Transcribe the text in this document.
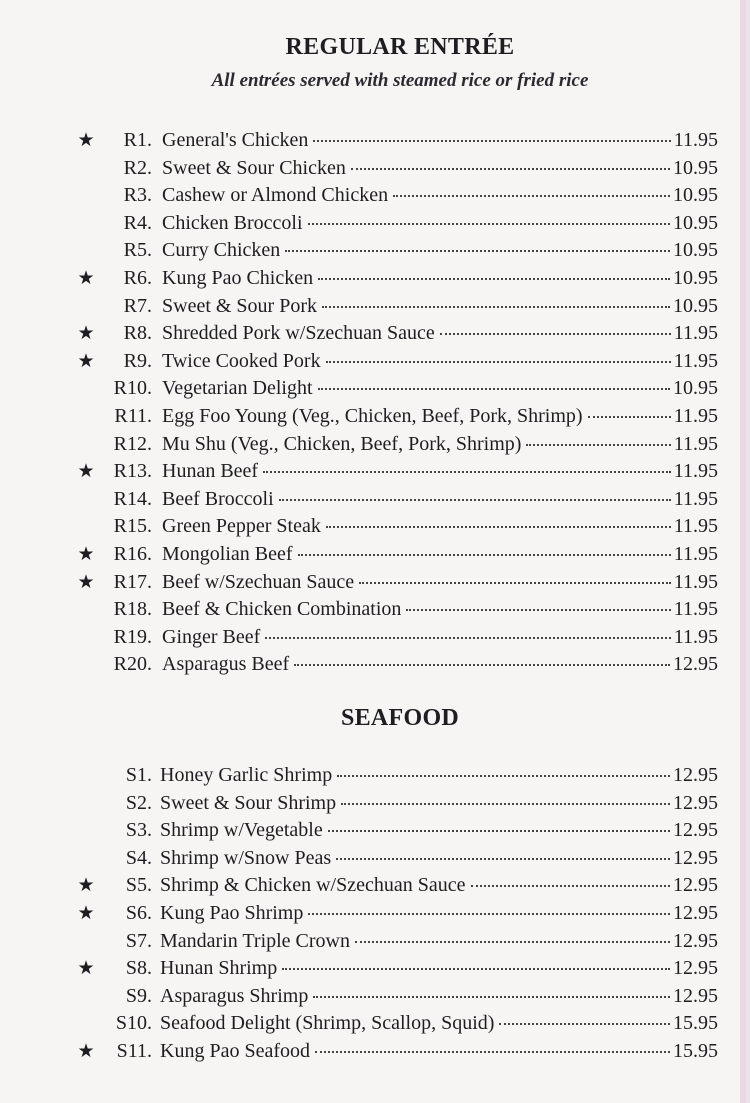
REGULAR ENTRÉE
All entrées served with steamed rice or fried rice
★	R1. General's Chicken	11.95
R2. Sweet & Sour Chicken	10.95
R3. Cashew or Almond Chicken	10.95
R4. Chicken Broccoli	10.95
R5. Curry Chicken	10.95
★	R6. Kung Pao Chicken	10.95
R7. Sweet & Sour Pork	10.95
★	R8. Shredded Pork w/Szechuan Sauce	11.95
★	R9. Twice Cooked Pork	11.95
R10. Vegetarian Delight	10.95
R11. Egg Foo Young (Veg., Chicken, Beef, Pork, Shrimp)	11.95
R12. Mu Shu (Veg., Chicken, Beef, Pork, Shrimp)	11.95
★ R13. Hunan Beef	11.95
R14. Beef Broccoli	11.95
R15. Green Pepper Steak	11.95
★ R16. Mongolian Beef	11.95
★ R17. Beef w/Szechuan Sauce	11.95
R18. Beef & Chicken Combination	11.95
R19. Ginger Beef	11.95
R20. Asparagus Beef	12.95
SEAFOOD
S1. Honey Garlic Shrimp	12.95
S2. Sweet & Sour Shrimp	12.95
S3. Shrimp w/Vegetable	12.95
S4. Shrimp w/Snow Peas	12.95
★	S5. Shrimp & Chicken w/Szechuan Sauce	12.95
★	S6. Kung Pao Shrimp	12.95
S7. Mandarin Triple Crown	12.95
★	S8. Hunan Shrimp	12.95
S9. Asparagus Shrimp	12.95
S10. Seafood Delight (Shrimp, Scallop, Squid)	15.95
★	S11. Kung Pao Seafood	15.95
